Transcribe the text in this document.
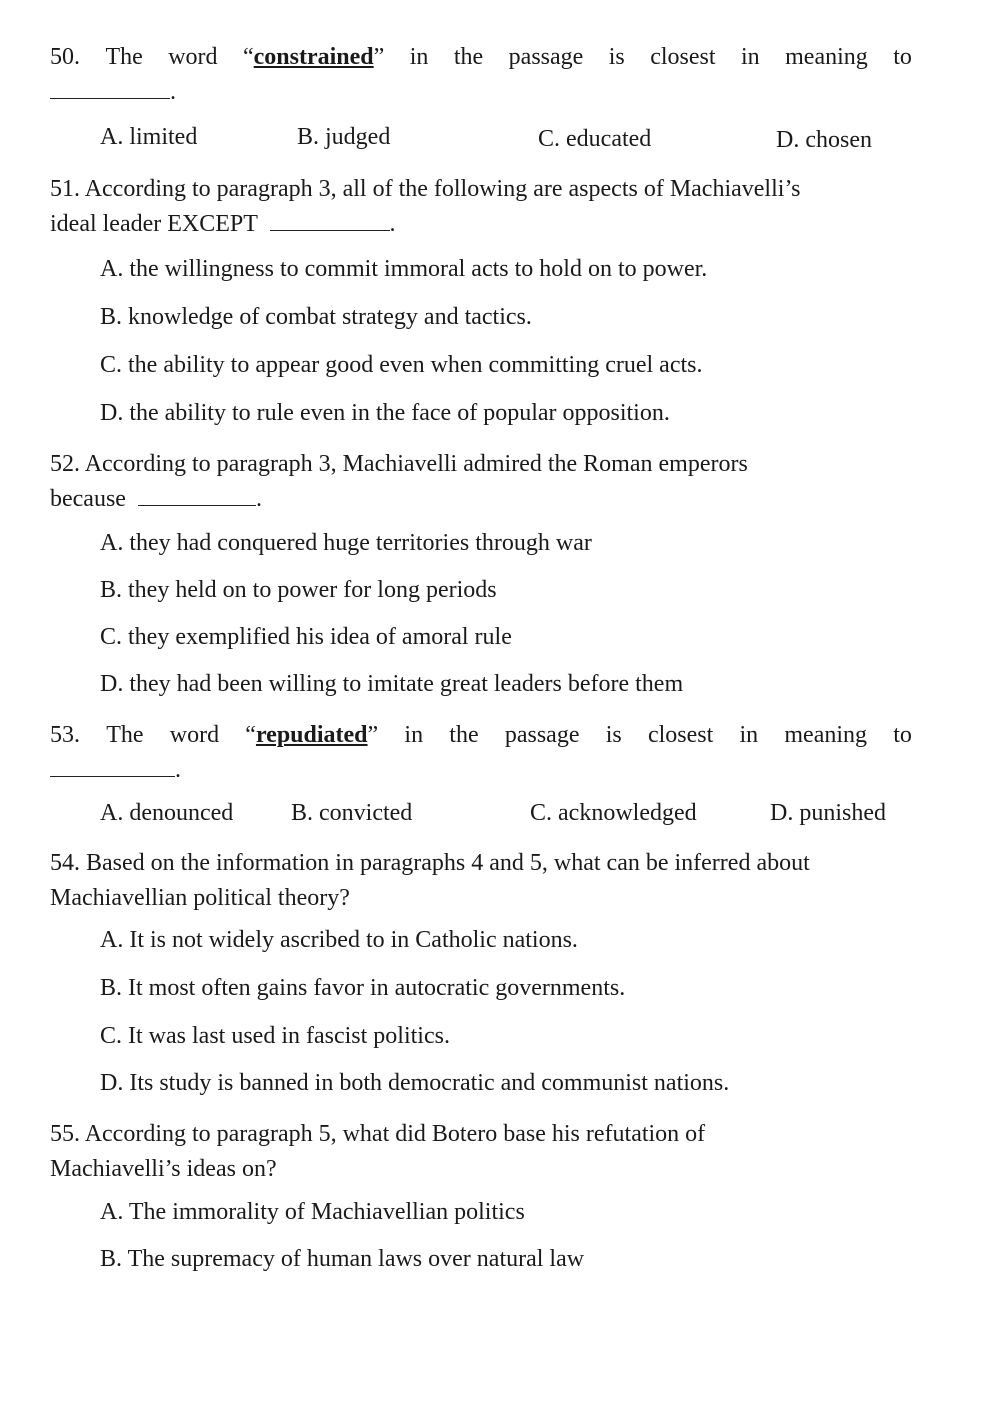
50. The word “constrained” in the passage is closest in meaning to
.
A. limited	B. judged	C. educated	D. chosen
51. According to paragraph 3, all of the following are aspects of Machiavelli’s
ideal leader EXCEPT	.
A. the willingness to commit immoral acts to hold on to power.
B. knowledge of combat strategy and tactics.
C. the ability to appear good even when committing cruel acts.
D. the ability to rule even in the face of popular opposition.
52. According to paragraph 3, Machiavelli admired the Roman emperors
because	.
A. they had conquered huge territories through war
B. they held on to power for long periods
C. they exemplified his idea of amoral rule
D. they had been willing to imitate great leaders before them
53. The word “repudiated” in the passage is closest in meaning to
.
A. denounced B. convicted	C. acknowledged	D. punished
54. Based on the information in paragraphs 4 and 5, what can be inferred about
Machiavellian political theory?
A. It is not widely ascribed to in Catholic nations.
B. It most often gains favor in autocratic governments.
C. It was last used in fascist politics.
D. Its study is banned in both democratic and communist nations.
55. According to paragraph 5, what did Botero base his refutation of
Machiavelli’s ideas on?
A. The immorality of Machiavellian politics
B. The supremacy of human laws over natural law
